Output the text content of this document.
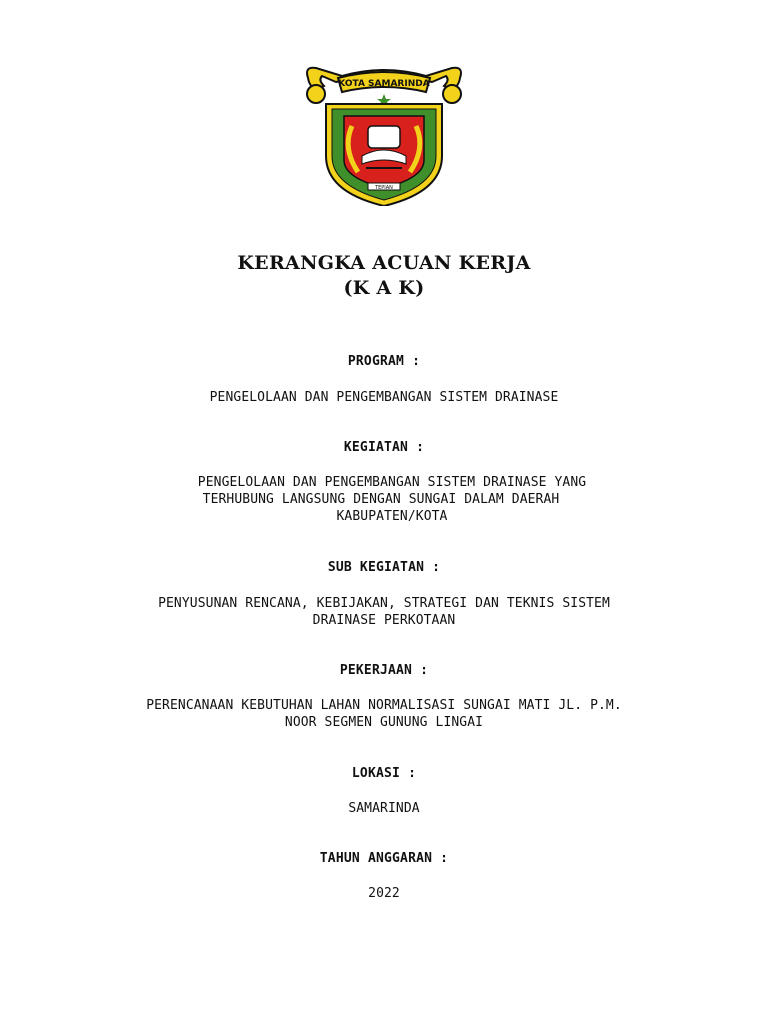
KOTA SAMARINDA
TEPIAN
KERANGKA ACUAN KERJA
(K A K)
PROGRAM :
PENGELOLAAN DAN PENGEMBANGAN SISTEM DRAINASE
KEGIATAN :
PENGELOLAAN DAN PENGEMBANGAN SISTEM DRAINASE YANG
TERHUBUNG LANGSUNG DENGAN SUNGAI DALAM DAERAH
KABUPATEN/KOTA
SUB KEGIATAN :
PENYUSUNAN RENCANA, KEBIJAKAN, STRATEGI DAN TEKNIS SISTEM
DRAINASE PERKOTAAN
PEKERJAAN :
PERENCANAAN KEBUTUHAN LAHAN NORMALISASI SUNGAI MATI JL. P.M.
NOOR SEGMEN GUNUNG LINGAI
LOKASI :
SAMARINDA
TAHUN ANGGARAN :
2022
